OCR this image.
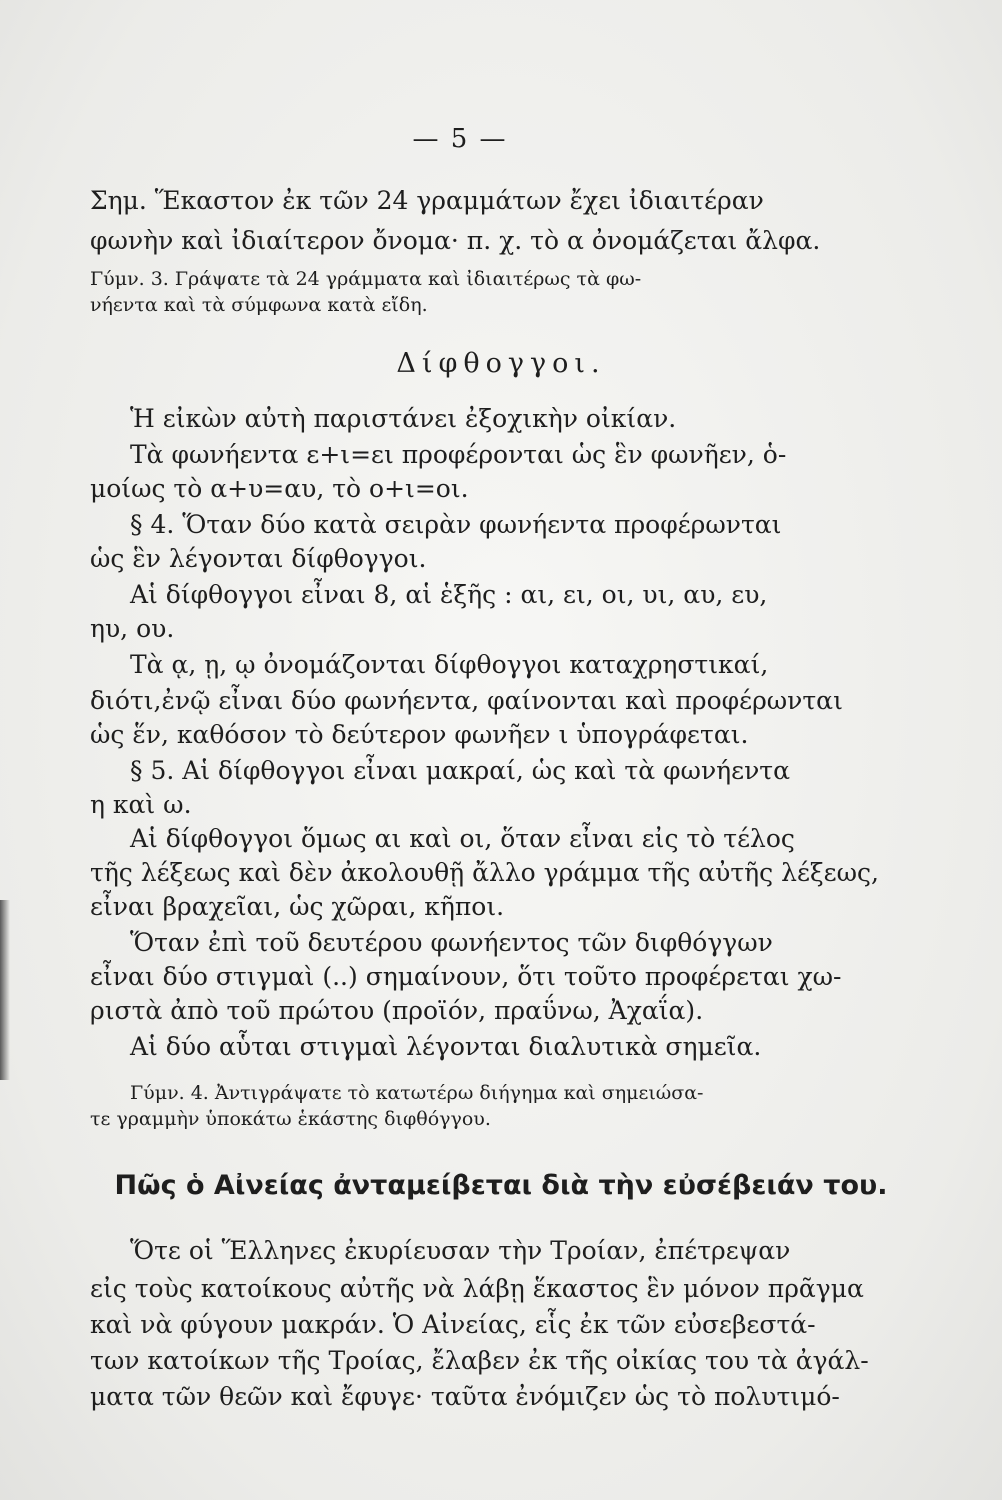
— 5 —
Σημ. Ἕκαστον ἐκ τῶν 24 γραμμάτων ἔχει ἰδιαιτέραν
φωνὴν καὶ ἰδιαίτερον ὄνομα· π. χ. τὸ α ὀνομάζεται ἄλφα.
Γύμν. 3. Γράψατε τὰ 24 γράμματα καὶ ἰδιαιτέρως τὰ φω-
νήεντα καὶ τὰ σύμφωνα κατὰ εἴδη.
Δίφθογγοι.
Ἡ εἰκὼν αὐτὴ παριστάνει ἐξοχικὴν οἰκίαν.
Τὰ φωνήεντα ε+ι=ει προφέρονται ὡς ἓν φωνῆεν, ὁ-
μοίως τὸ α+υ=αυ, τὸ ο+ι=οι.
§ 4. Ὅταν δύο κατὰ σειρὰν φωνήεντα προφέρωνται
ὡς ἓν λέγονται δίφθογγοι.
Αἱ δίφθογγοι εἶναι 8, αἱ ἑξῆς : αι, ει, οι, υι, αυ, ευ,
ηυ, ου.
Τὰ ᾳ, ῃ, ῳ ὀνομάζονται δίφθογγοι καταχρηστικαί,
διότι,ἐνῷ εἶναι δύο φωνήεντα, φαίνονται καὶ προφέρωνται
ὡς ἕν, καθόσον τὸ δεύτερον φωνῆεν ι ὑπογράφεται.
§ 5. Αἱ δίφθογγοι εἶναι μακραί, ὡς καὶ τὰ φωνήεντα
η καὶ ω.
Αἱ δίφθογγοι ὅμως αι καὶ οι, ὅταν εἶναι εἰς τὸ τέλος
τῆς λέξεως καὶ δὲν ἀκολουθῇ ἄλλο γράμμα τῆς αὐτῆς λέξεως,
εἶναι βραχεῖαι, ὡς χῶραι, κῆποι.
Ὅταν ἐπὶ τοῦ δευτέρου φωνήεντος τῶν διφθόγγων
εἶναι δύο στιγμαὶ (..) σημαίνουν, ὅτι τοῦτο προφέρεται χω-
ριστὰ ἀπὸ τοῦ πρώτου (προϊόν, πραΰνω, Ἀχαΐα).
Αἱ δύο αὗται στιγμαὶ λέγονται διαλυτικὰ σημεῖα.
Γύμν. 4. Ἀντιγράψατε τὸ κατωτέρω διήγημα καὶ σημειώσα-
τε γραμμὴν ὑποκάτω ἑκάστης διφθόγγου.
Πῶς ὁ Αἰνείας ἀνταμείβεται διὰ τὴν εὐσέβειάν του.
Ὅτε οἱ Ἕλληνες ἐκυρίευσαν τὴν Τροίαν, ἐπέτρεψαν
εἰς τοὺς κατοίκους αὐτῆς νὰ λάβῃ ἕκαστος ἓν μόνον πρᾶγμα
καὶ νὰ φύγουν μακράν. Ὁ Αἰνείας, εἷς ἐκ τῶν εὐσεβεστά-
των κατοίκων τῆς Τροίας, ἔλαβεν ἐκ τῆς οἰκίας του τὰ ἀγάλ-
ματα τῶν θεῶν καὶ ἔφυγε· ταῦτα ἐνόμιζεν ὡς τὸ πολυτιμό-
